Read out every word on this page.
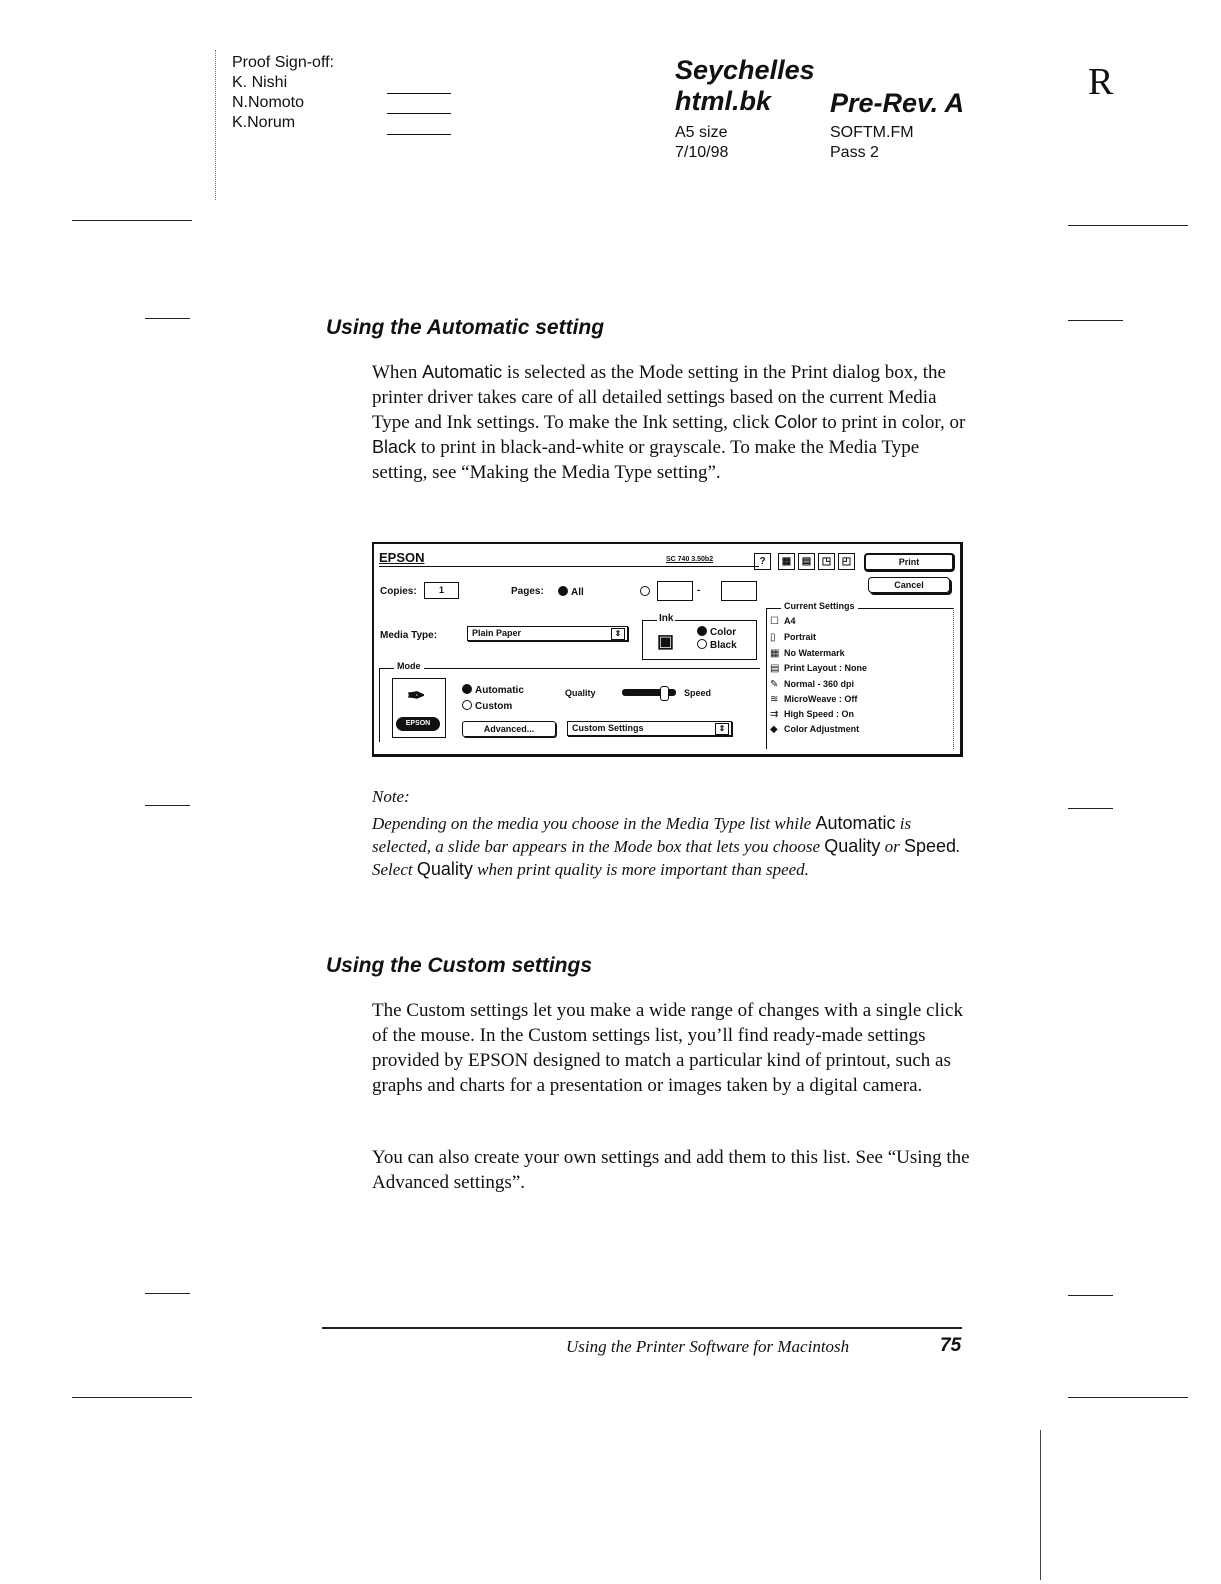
Proof Sign-off:
K. Nishi
N.Nomoto
K.Norum
Seychelles
html.bk Pre-Rev. A
A5 size
7/10/98
SOFTM.FM
Pass 2
R
Using the Automatic setting
When Automatic is selected as the Mode setting in the Print dialog box, the printer driver takes care of all detailed settings based on the current Media Type and Ink settings. To make the Ink setting, click Color to print in color, or Black to print in black-and-white or grayscale. To make the Media Type setting, see “Making the Media Type setting”.
EPSON	SC 740 3.50b2	?	▦	▤	◳	◰	Print
Cancel
Copies:	1	Pages:	All	-
Media Type:	Plain Paper	⇕
Ink
▣	Color
Black
Mode
✒
EPSON
Automatic
Custom
Quality	Speed
Advanced...	Custom Settings	⇕
Current Settings
☐ A4
▯ Portrait
▦ No Watermark
▤ Print Layout : None
✎ Normal - 360 dpi
≋ MicroWeave : Off
⇉ High Speed : On
◆ Color Adjustment
Note:
Depending on the media you choose in the Media Type list while Automatic is selected, a slide bar appears in the Mode box that lets you choose Quality or Speed. Select Quality when print quality is more important than speed.
Using the Custom settings
The Custom settings let you make a wide range of changes with a single click of the mouse. In the Custom settings list, you’ll find ready-made settings provided by EPSON designed to match a particular kind of printout, such as graphs and charts for a presentation or images taken by a digital camera.
You can also create your own settings and add them to this list. See “Using the Advanced settings”.
Using the Printer Software for Macintosh	75
